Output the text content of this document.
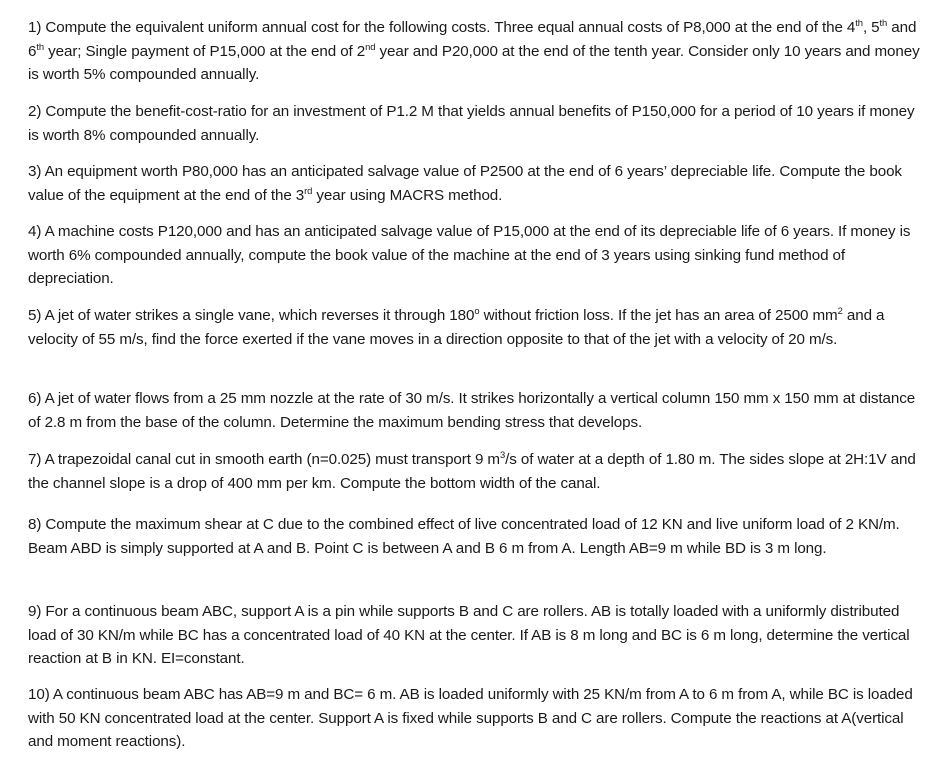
1) Compute the equivalent uniform annual cost for the following costs. Three equal annual costs of P8,000 at the end of the 4th, 5th and 6th year; Single payment of P15,000 at the end of 2nd year and P20,000 at the end of the tenth year. Consider only 10 years and money is worth 5% compounded annually.
2) Compute the benefit-cost-ratio for an investment of P1.2 M that yields annual benefits of P150,000 for a period of 10 years if money is worth 8% compounded annually.
3) An equipment worth P80,000 has an anticipated salvage value of P2500 at the end of 6 years’ depreciable life. Compute the book value of the equipment at the end of the 3rd year using MACRS method.
4) A machine costs P120,000 and has an anticipated salvage value of P15,000 at the end of its depreciable life of 6 years. If money is worth 6% compounded annually, compute the book value of the machine at the end of 3 years using sinking fund method of depreciation.
5) A jet of water strikes a single vane, which reverses it through 180$^o$ without friction loss. If the jet has an area of 2500 $mm^2$ and a velocity of 55 m/s, find the force exerted if the vane moves in a direction opposite to that of the jet with a velocity of 20 m/s.
6) A jet of water flows from a 25 mm nozzle at the rate of 30 m/s. It strikes horizontally a vertical column 150 mm x 150 mm at distance of 2.8 m from the base of the column. Determine the maximum bending stress that develops.
7) A trapezoidal canal cut in smooth earth (n=0.025) must transport 9 $m^3/s$ of water at a depth of 1.80 m. The sides slope at 2H:1V and the channel slope is a drop of 400 mm per km. Compute the bottom width of the canal.
8) Compute the maximum shear at C due to the combined effect of live concentrated load of 12 KN and live uniform load of 2 KN/m. Beam ABD is simply supported at A and B. Point C is between A and B 6 m from A. Length AB=9 m while BD is 3 m long.
9) For a continuous beam ABC, support A is a pin while supports B and C are rollers. AB is totally loaded with a uniformly distributed load of 30 KN/m while BC has a concentrated load of 40 KN at the center. If AB is 8 m long and BC is 6 m long, determine the vertical reaction at B in KN. EI=constant.
10) A continuous beam ABC has AB=9 m and BC= 6 m. AB is loaded uniformly with 25 KN/m from A to 6 m from A, while BC is loaded with 50 KN concentrated load at the center. Support A is fixed while supports B and C are rollers. Compute the reactions at A(vertical and moment reactions).
